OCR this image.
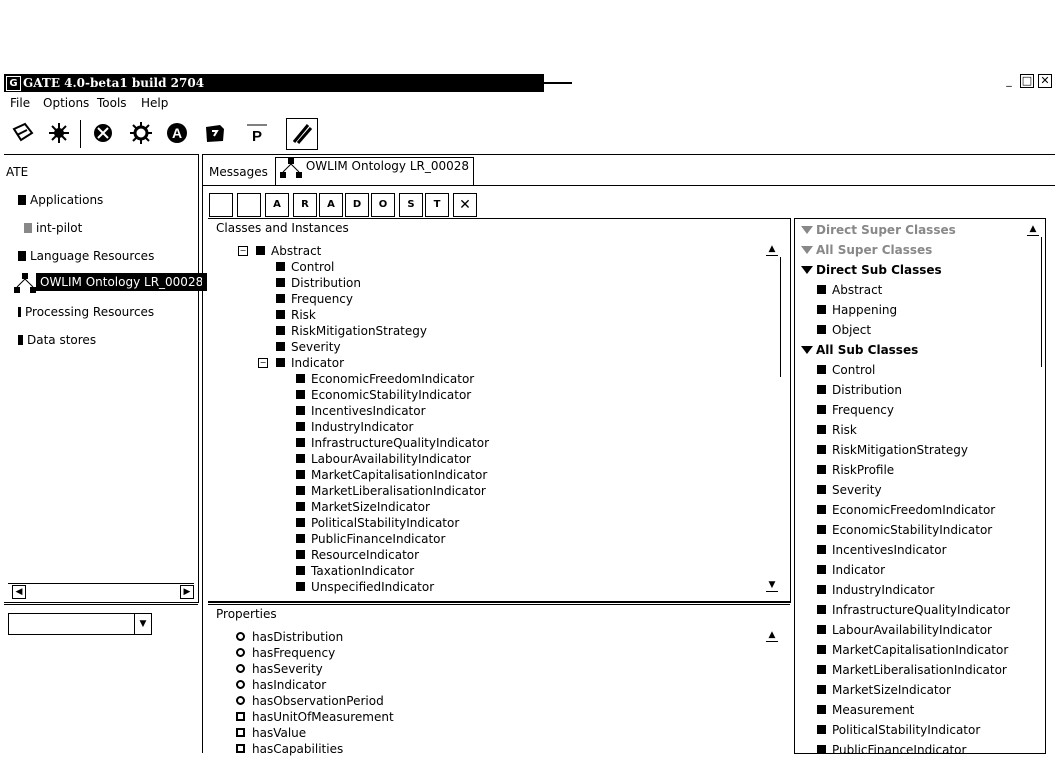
G GATE 4.0-beta1 build 2704	_ □ ✕
File Options Tools Help
A	P
ATE
Applications
int-pilot
Language Resources
OWLIM Ontology LR_00028
Processing Resources
Data stores
◀	▶
▼
Messages	OWLIM Ontology LR_00028
A	R	A	D	O	S	T	✕
Classes and Instances
−	Abstract
Control
Distribution
Frequency
Risk
RiskMitigationStrategy
Severity
−	Indicator
EconomicFreedomIndicator
EconomicStabilityIndicator
IncentivesIndicator
IndustryIndicator
InfrastructureQualityIndicator
LabourAvailabilityIndicator
MarketCapitalisationIndicator
MarketLiberalisationIndicator
MarketSizeIndicator
PoliticalStabilityIndicator
PublicFinanceIndicator
ResourceIndicator
TaxationIndicator
UnspecifiedIndicator
▲
▼
Properties
hasDistribution
hasFrequency
hasSeverity
hasIndicator
hasObservationPeriod
hasUnitOfMeasurement
hasValue
hasCapabilities
▲
Direct Super Classes
All Super Classes
Direct Sub Classes
Abstract
Happening
Object
All Sub Classes
Control
Distribution
Frequency
Risk
RiskMitigationStrategy
RiskProfile
Severity
EconomicFreedomIndicator
EconomicStabilityIndicator
IncentivesIndicator
Indicator
IndustryIndicator
InfrastructureQualityIndicator
LabourAvailabilityIndicator
MarketCapitalisationIndicator
MarketLiberalisationIndicator
MarketSizeIndicator
Measurement
PoliticalStabilityIndicator
PublicFinanceIndicator
▲
